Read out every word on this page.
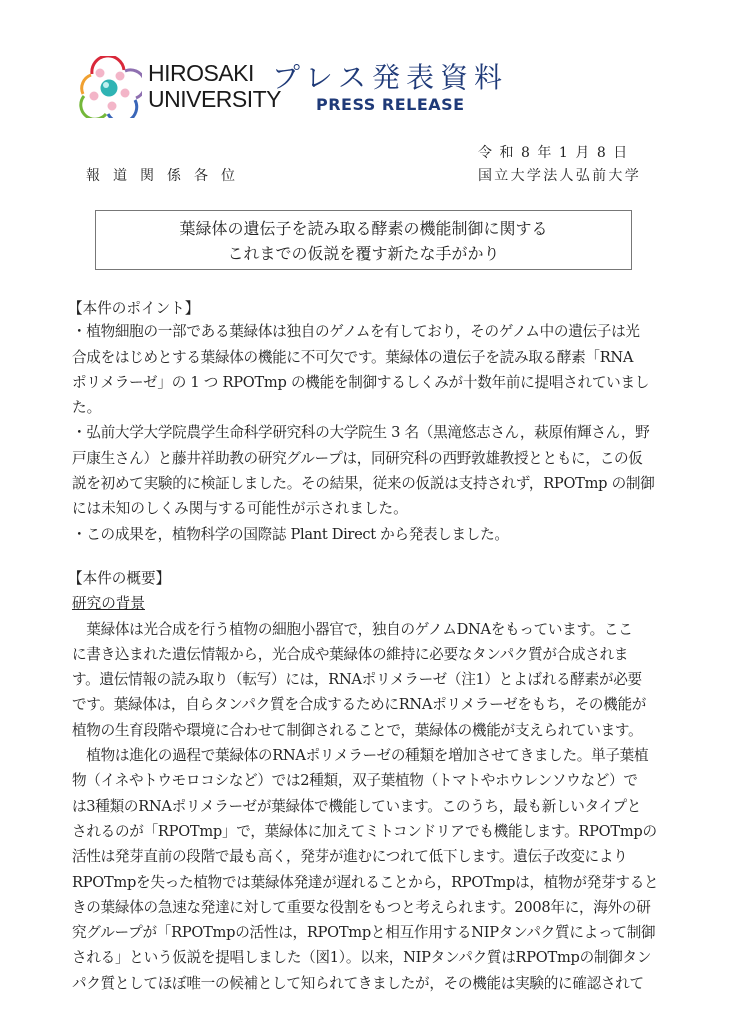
HIROSAKI
UNIVERSITY
プレス発表資料
PRESS RELEASE
令和8年1月8日
報道関係各位	国立大学法人弘前大学
葉緑体の遺伝子を読み取る酵素の機能制御に関する
これまでの仮説を覆す新たな手がかり
【本件のポイント】
・植物細胞の一部である葉緑体は独自のゲノムを有しており，そのゲノム中の遺伝子は光
合成をはじめとする葉緑体の機能に不可欠です。葉緑体の遺伝子を読み取る酵素「RNA
ポリメラーゼ」の 1 つ RPOTmp の機能を制御するしくみが十数年前に提唱されていまし
た。
・弘前大学大学院農学生命科学研究科の大学院生 3 名（黒滝悠志さん，萩原侑輝さん，野
戸康生さん）と藤井祥助教の研究グループは，同研究科の西野敦雄教授とともに，この仮
説を初めて実験的に検証しました。その結果，従来の仮説は支持されず，RPOTmp の制御
には未知のしくみ関与する可能性が示されました。
・この成果を，植物科学の国際誌 Plant Direct から発表しました。
【本件の概要】
研究の背景
　葉緑体は光合成を行う植物の細胞小器官で，独自のゲノムDNAをもっています。ここ
に書き込まれた遺伝情報から，光合成や葉緑体の維持に必要なタンパク質が合成されま
す。遺伝情報の読み取り（転写）には，RNAポリメラーゼ（注1）とよばれる酵素が必要
です。葉緑体は，自らタンパク質を合成するためにRNAポリメラーゼをもち，その機能が
植物の生育段階や環境に合わせて制御されることで，葉緑体の機能が支えられています。
　植物は進化の過程で葉緑体のRNAポリメラーゼの種類を増加させてきました。単子葉植
物（イネやトウモロコシなど）では2種類，双子葉植物（トマトやホウレンソウなど）で
は3種類のRNAポリメラーゼが葉緑体で機能しています。このうち，最も新しいタイプと
されるのが「RPOTmp」で，葉緑体に加えてミトコンドリアでも機能します。RPOTmpの
活性は発芽直前の段階で最も高く，発芽が進むにつれて低下します。遺伝子改変により
RPOTmpを失った植物では葉緑体発達が遅れることから，RPOTmpは，植物が発芽すると
きの葉緑体の急速な発達に対して重要な役割をもつと考えられます。2008年に，海外の研
究グループが「RPOTmpの活性は，RPOTmpと相互作用するNIPタンパク質によって制御
される」という仮説を提唱しました（図1）。以来，NIPタンパク質はRPOTmpの制御タン
パク質としてほぼ唯一の候補として知られてきましたが，その機能は実験的に確認されて
